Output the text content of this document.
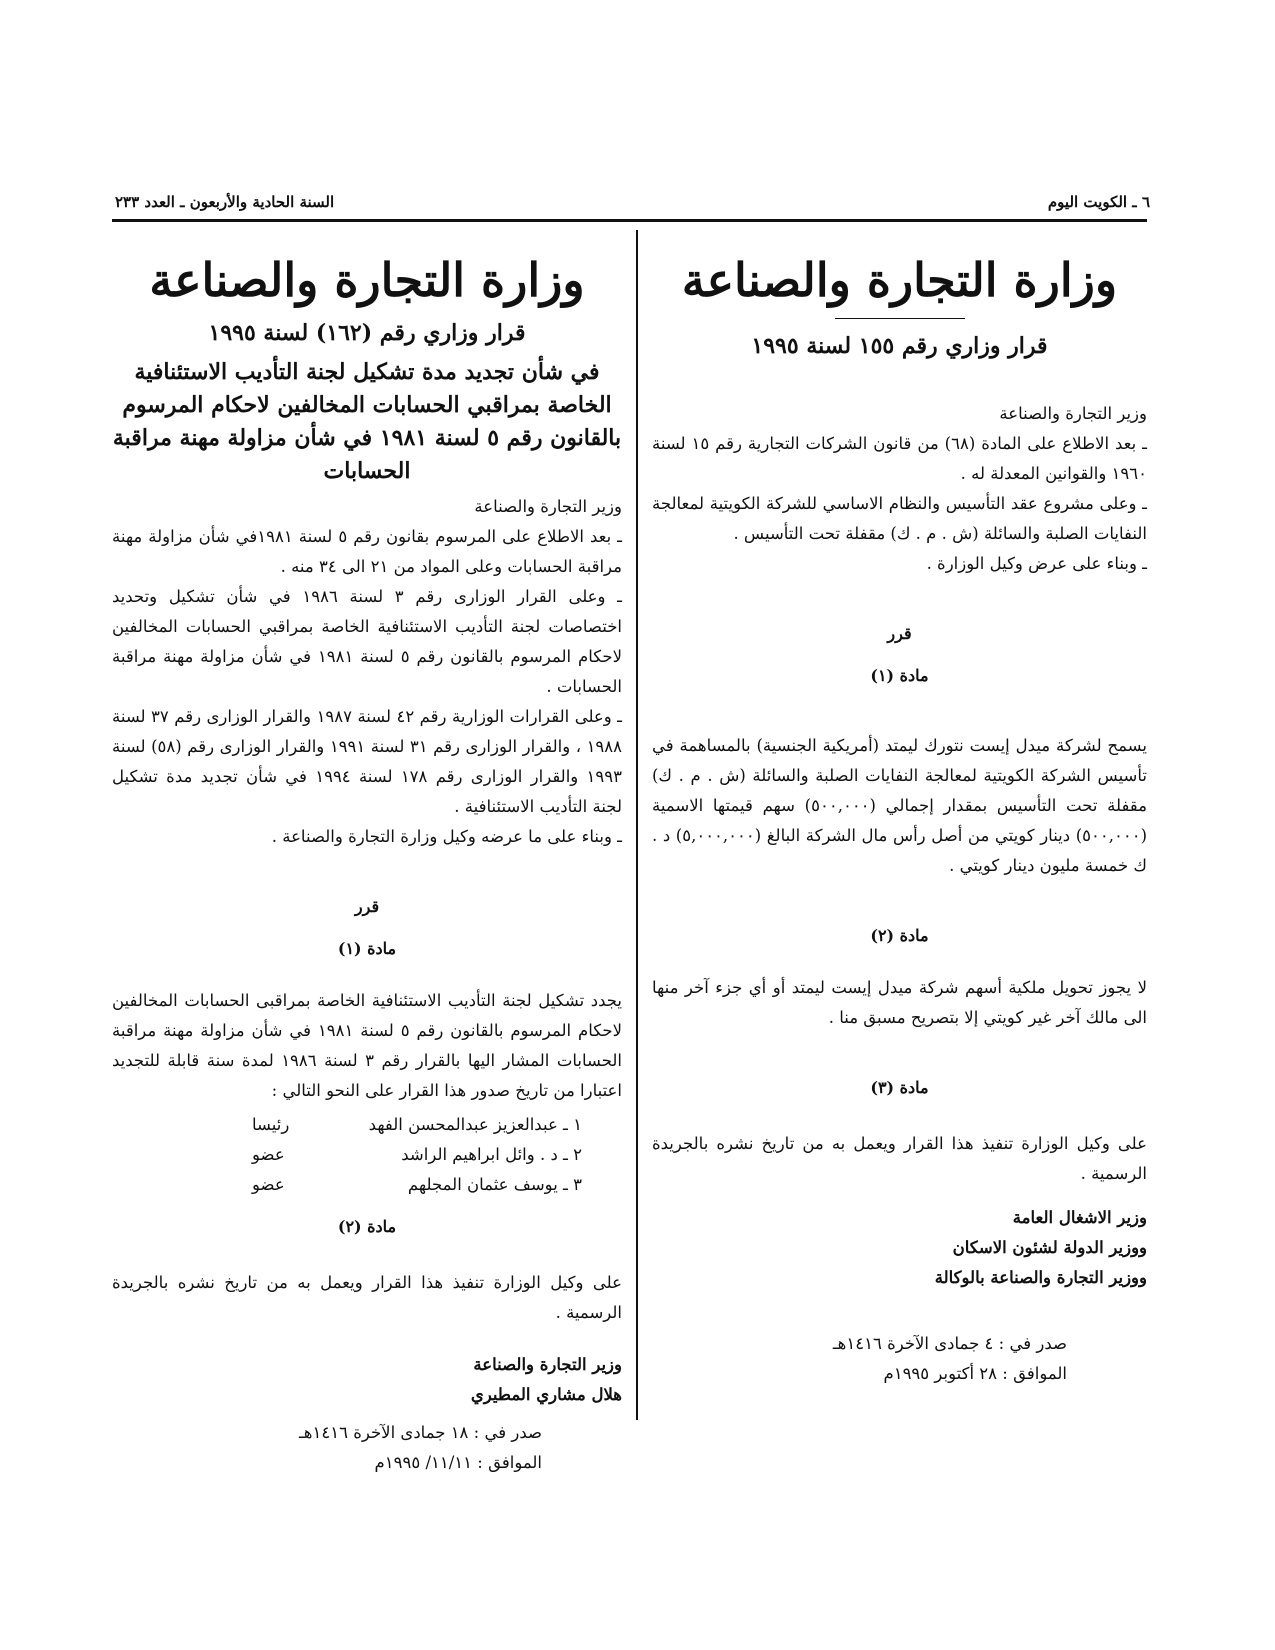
٦ ـ الكويت اليوم
السنة الحادية والأربعون ـ العدد ٢٣٣
وزارة التجارة والصناعة
قرار وزاري رقم ١٥٥ لسنة ١٩٩٥

وزير التجارة والصناعة

ـ بعد الاطلاع على المادة (٦٨) من قانون الشركات التجارية رقم ١٥ لسنة ١٩٦٠ والقوانين المعدلة له .

ـ وعلى مشروع عقد التأسيس والنظام الاساسي للشركة الكويتية لمعالجة النفايات الصلبة والسائلة (ش . م . ك) مقفلة تحت التأسيس .

ـ وبناء على عرض وكيل الوزارة .

قرر
مادة (١)

يسمح لشركة ميدل إيست نتورك ليمتد (أمريكية الجنسية) بالمساهمة في تأسيس الشركة الكويتية لمعالجة النفايات الصلبة والسائلة (ش . م . ك) مقفلة تحت التأسيس بمقدار إجمالي (٥٠٠,٠٠٠) سهم قيمتها الاسمية (٥٠٠,٠٠٠) دينار كويتي من أصل رأس مال الشركة البالغ (٥,٠٠٠,٠٠٠) د . ك خمسة مليون دينار كويتي .

مادة (٢)

لا يجوز تحويل ملكية أسهم شركة ميدل إيست ليمتد أو أي جزء آخر منها الى مالك آخر غير كويتي إلا بتصريح مسبق منا .

مادة (٣)

على وكيل الوزارة تنفيذ هذا القرار ويعمل به من تاريخ نشره بالجريدة الرسمية .

وزير الاشغال العامة
ووزير الدولة لشئون الاسكان
ووزير التجارة والصناعة بالوكالة
صدر في : ٤ جمادى الآخرة ١٤١٦هـ
الموافق : ٢٨ أكتوبر ١٩٩٥م
وزارة التجارة والصناعة
قرار وزاري رقم (١٦٢) لسنة ١٩٩٥
في شأن تجديد مدة تشكيل لجنة التأديب الاستئنافية الخاصة بمراقبي الحسابات المخالفين لاحكام المرسوم بالقانون رقم ٥ لسنة ١٩٨١ في شأن مزاولة مهنة مراقبة الحسابات

وزير التجارة والصناعة

ـ بعد الاطلاع على المرسوم بقانون رقم ٥ لسنة ١٩٨١في شأن مزاولة مهنة مراقبة الحسابات وعلى المواد من ٢١ الى ٣٤ منه .

ـ وعلى القرار الوزارى رقم ٣ لسنة ١٩٨٦ في شأن تشكيل وتحديد اختصاصات لجنة التأديب الاستئنافية الخاصة بمراقبي الحسابات المخالفين لاحكام المرسوم بالقانون رقم ٥ لسنة ١٩٨١ في شأن مزاولة مهنة مراقبة الحسابات .

ـ وعلى القرارات الوزارية رقم ٤٢ لسنة ١٩٨٧ والقرار الوزارى رقم ٣٧ لسنة ١٩٨٨ ، والقرار الوزارى رقم ٣١ لسنة ١٩٩١ والقرار الوزارى رقم (٥٨) لسنة ١٩٩٣ والقرار الوزارى رقم ١٧٨ لسنة ١٩٩٤ في شأن تجديد مدة تشكيل لجنة التأديب الاستئنافية .

ـ وبناء على ما عرضه وكيل وزارة التجارة والصناعة .

قرر
مادة (١)

يجدد تشكيل لجنة التأديب الاستئنافية الخاصة بمراقبى الحسابات المخالفين لاحكام المرسوم بالقانون رقم ٥ لسنة ١٩٨١ في شأن مزاولة مهنة مراقبة الحسابات المشار اليها بالقرار رقم ٣ لسنة ١٩٨٦ لمدة سنة قابلة للتجديد اعتبارا من تاريخ صدور هذا القرار على النحو التالي :

١ ـ عبدالعزيز عبدالمحسن الفهد
رئيسا
٢ ـ د . وائل ابراهيم الراشد
عضو
٣ ـ يوسف عثمان المجلهم
عضو
مادة (٢)

على وكيل الوزارة تنفيذ هذا القرار ويعمل به من تاريخ نشره بالجريدة الرسمية .

وزير التجارة والصناعة
هلال مشاري المطيري
صدر في : ١٨ جمادى الآخرة ١٤١٦هـ
الموافق : ١١/١١/ ١٩٩٥م
